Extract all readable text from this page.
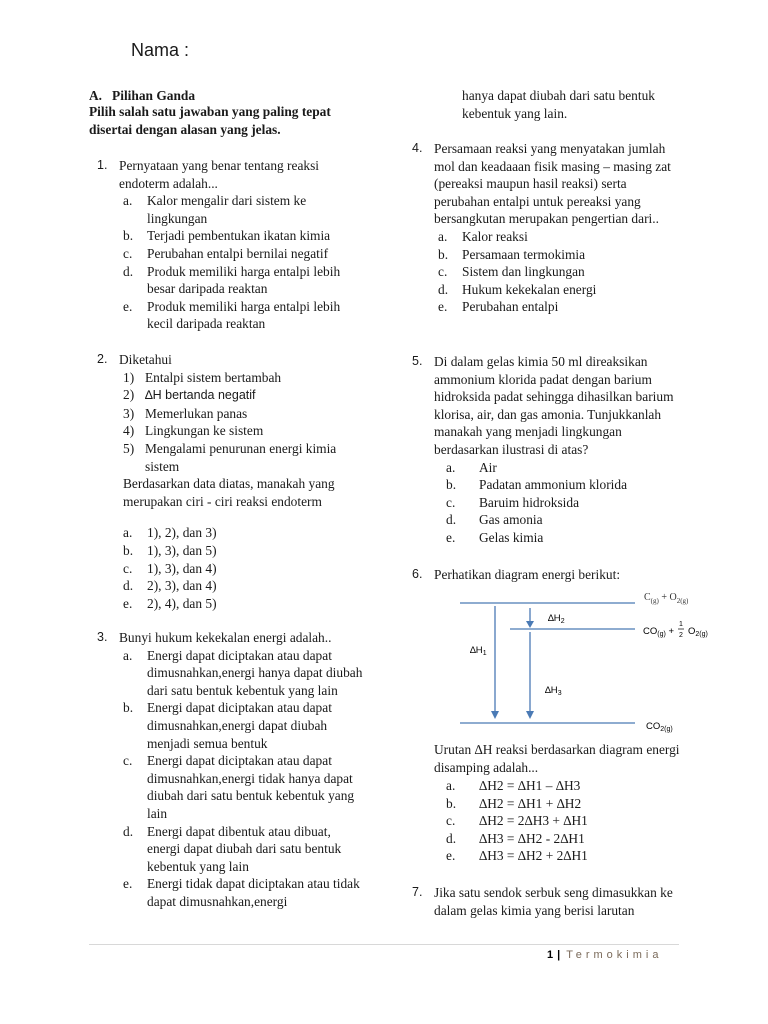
Nama :
A.   Pilihan Ganda
Pilih salah satu jawaban yang paling tepat disertai dengan alasan yang jelas.
1. Pernyataan yang benar tentang reaksi endoterm adalah...
a. Kalor mengalir dari sistem ke lingkungan
b. Terjadi pembentukan ikatan kimia
c. Perubahan entalpi bernilai negatif
d. Produk memiliki harga entalpi lebih besar daripada reaktan
e. Produk memiliki harga entalpi lebih kecil daripada reaktan
2. Diketahui
1) Entalpi sistem bertambah
2) ∆H bertanda negatif
3) Memerlukan panas
4) Lingkungan ke sistem
5) Mengalami penurunan energi kimia sistem
Berdasarkan data diatas, manakah yang merupakan ciri - ciri reaksi endoterm
a. 1), 2), dan 3)
b. 1), 3), dan 5)
c. 1), 3), dan 4)
d. 2), 3), dan 4)
e. 2), 4), dan 5)
3. Bunyi hukum kekekalan energi adalah..
a. Energi dapat diciptakan atau dapat dimusnahkan,energi hanya dapat diubah dari satu bentuk kebentuk yang lain
b. Energi dapat diciptakan atau dapat dimusnahkan,energi dapat diubah menjadi semua bentuk
c. Energi dapat diciptakan atau dapat dimusnahkan,energi tidak hanya dapat diubah dari satu bentuk kebentuk yang lain
d. Energi dapat dibentuk atau dibuat, energi dapat diubah dari satu bentuk kebentuk yang lain
e. Energi tidak dapat diciptakan atau tidak dapat dimusnahkan,energi
hanya dapat diubah dari satu bentuk kebentuk yang lain.
4. Persamaan reaksi yang menyatakan jumlah mol dan keadaaan fisik masing – masing zat (pereaksi maupun hasil reaksi) serta perubahan entalpi untuk pereaksi yang bersangkutan merupakan pengertian dari..
a. Kalor reaksi
b. Persamaan termokimia
c. Sistem dan lingkungan
d. Hukum kekekalan energi
e. Perubahan entalpi
5. Di dalam gelas kimia 50 ml direaksikan ammonium klorida padat dengan barium hidroksida padat sehingga dihasilkan barium klorisa, air, dan gas amonia. Tunjukkanlah manakah yang menjadi lingkungan berdasarkan ilustrasi di atas?
a. Air
b. Padatan ammonium klorida
c. Baruim hidroksida
d. Gas amonia
e. Gelas kimia
6. Perhatikan diagram energi berikut:
$\Delta H_2$
$\Delta H_1$
$\Delta H_3$
$C_{(g)} + O_{2(g)}$
$CO_{(g)}$ +
1
2 $O_2(g)$
$CO_2(g)$
Urutan ∆H reaksi berdasarkan diagram energi disamping adalah...
a. ∆H2 = ∆H1 – ∆H3
b. ∆H2 = ∆H1 + ∆H2
c. ∆H2 = 2∆H3 + ∆H1
d. ∆H3 = ∆H2 - 2∆H1
e. ∆H3 = ∆H2 + 2∆H1
7. Jika satu sendok serbuk seng dimasukkan ke dalam gelas kimia yang berisi larutan
1 | Termokimia
